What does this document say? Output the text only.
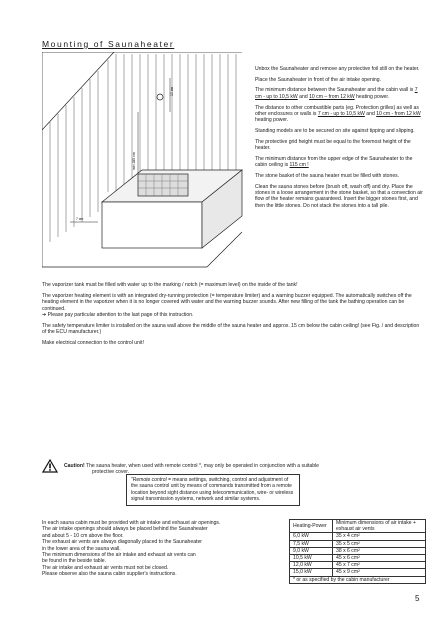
Mounting of Saunaheater
10 cm
min 185 cm
7 cm

Unbox the Saunaheater and remove any protective foil still on the heater.

Place the Saunaheater in front of the air intake opening.

The minimum distance between the Saunaheater and the cabin wall is 7 cm - up to 10,5 kW and 10 cm – from 12 kW heating power.

The distance to other combustible parts (eg. Protection grilles) as well as other enclosures or walls is 7 cm - up to 10,5 kW and 10 cm - from 12 kW heating power.

Standing models are to be secured on site against tipping and slipping.

The protective grid height must be equal to the foremost height of the heater.

The minimum distance from the upper edge of the Saunaheater to the cabin ceiling is 115 cm !

The stone basket of the sauna heater must be filled with stones.

Clean the sauna stones before (brush off, wash off) and dry. Place the stones in a loose arrangement in the stone basket, so that a convection air flow of the heater remains guaranteed. Insert the bigger stones first, and then the little stones. Do not stack the stones into a tall pile.

The vaporizer tank must be filled with water up to the marking / notch (= maximum level) on the inside of the tank!

The vaporizer heating element is with an integrated dry-running protection (= temperature limiter) and a warning buzzer equipped. The automatically switches off the heating element in the vaporizer when it is no longer covered with water and the warning buzzer sounds. After new filling of the tank the bathing operation can be continued.

➔ Please pay particular attention to the last page of this instruction.

The safety temperature limiter is installed on the sauna wall above the middle of the sauna heater and approx. 15 cm below the cabin ceiling! (see Fig. / and description of the ECU manufacturer.)

Make electrical connection to the control unit!

Caution! The sauna heater, when used with remote control *, may only be operated in conjunction with a suitable
protective cover.
"Remote control = means settings, switching, control and adjustment of the sauna control unit by means of commands transmitted from a remote location beyond sight distance using telecommunication, wire- or wireless signal transmission systems, network and similar systems.
In each sauna cabin must be provided with air intake and exhaust air openings.
The air intake openings should always be placed behind the Saunaheater
and about 5 - 10 cm above the floor.
The exhaust air vents are always diagonally placed to the Saunaheater
in the lower area of the sauna wall.
The minimum dimensions of the air intake and exhaust air vents can
be found in the beside table.
The air intake and exhaust air vents must not be closed.
Please observe also the sauna cabin supplier's instructions.
Heating-Power	Minimum dimensions of air intake + exhaust air vents
6,0 kW	35 x 4 cm²
7,5 kW	35 x 5 cm²
9,0 kW	38 x 6 cm²
10,5 kW	45 x 6 cm²
12,0 kW	45 x 7 cm²
15,0 kW	45 x 9 cm²
* or as specified by the cabin manufacturer	
5
